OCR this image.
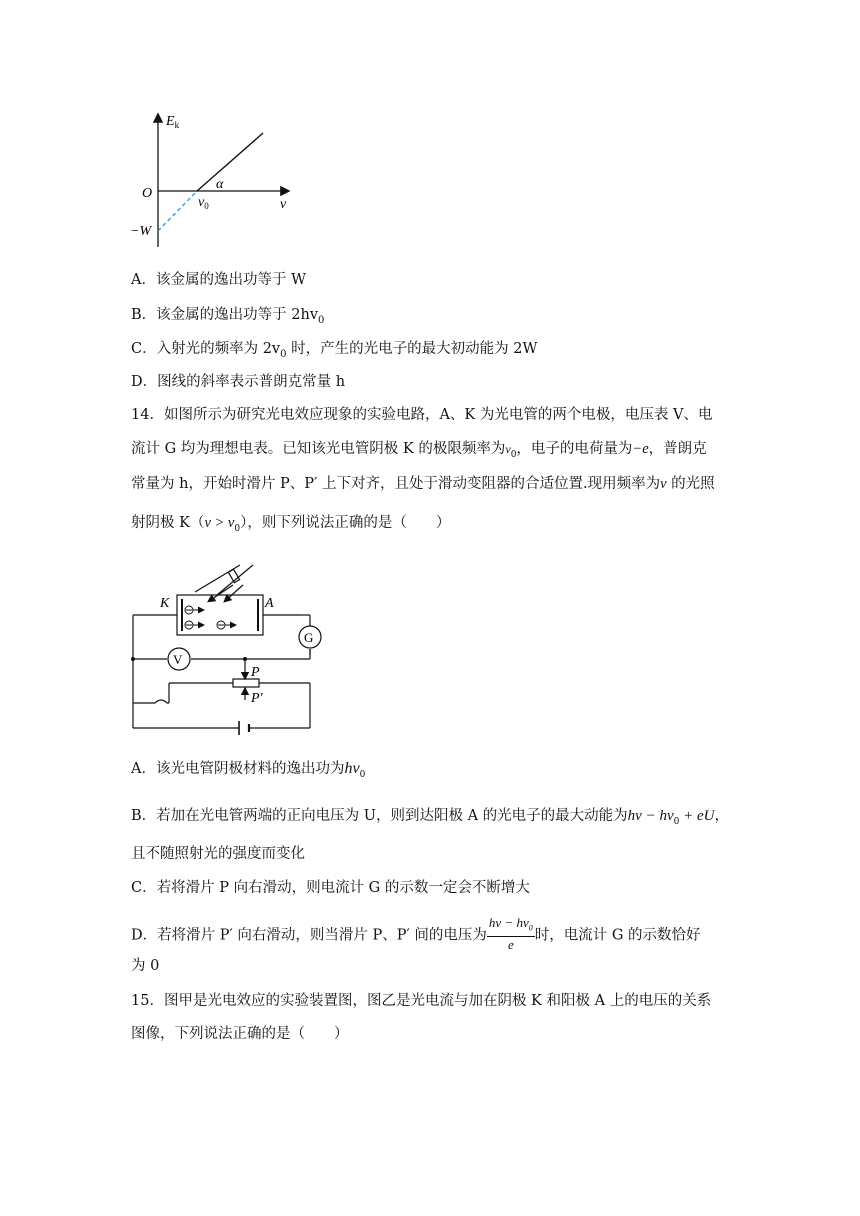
$E_k$
O
−W
α
$v_0$	v
A．该金属的逸出功等于 W
B．该金属的逸出功等于 $2hv_0$
C．入射光的频率为 $2v_0$ 时，产生的光电子的最大初动能为 2W
D．图线的斜率表示普朗克常量 h
14．如图所示为研究光电效应现象的实验电路，A、K 为光电管的两个电极，电压表 V、电
流计 G 均为理想电表。已知该光电管阴极 K 的极限频率为$\nu_0$，电子的电荷量为−e，普朗克
常量为 h，开始时滑片 P、P′ 上下对齐，且处于滑动变阻器的合适位置.现用频率为ν 的光照
射阴极 $K(\nu > \nu_0)$，则下列说法正确的是（　　）
G
V
K	A
P
P′
A．该光电管阴极材料的逸出功为$h\nu_0$
B．若加在光电管两端的正向电压为 U，则到达阳极 A 的光电子的最大动能为$h\nu - h\nu_0$ + eU，
且不随照射光的强度而变化
C．若将滑片 P 向右滑动，则电流计 G 的示数一定会不断增大
D．若将滑片 P′ 向右滑动，则当滑片 P、P′ 间的电压为 $\frac{h\nu - h\nu_0}{e}$ 时，电流计 G 的示数恰好
为 0
15．图甲是光电效应的实验装置图，图乙是光电流与加在阴极 K 和阳极 A 上的电压的关系
图像，下列说法正确的是（　　）
